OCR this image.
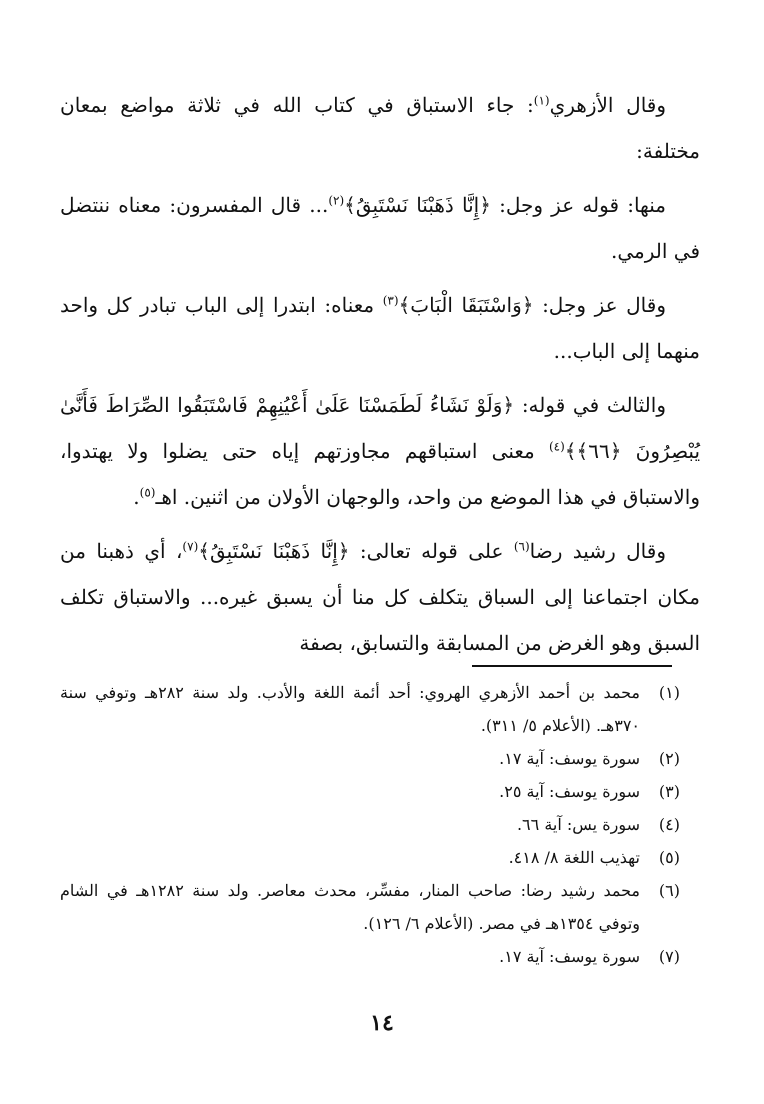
وقال الأزهري$^{(١)}$: جاء الاستباق في كتاب الله في ثلاثة مواضع بمعان مختلفة:

منها: قوله عز وجل: ﴿إِنَّا ذَهَبْنَا نَسْتَبِقُ﴾$^{(٢)}$... قال المفسرون: معناه ننتضل في الرمي.

وقال عز وجل: ﴿وَاسْتَبَقَا الْبَابَ﴾$^{(٣)}$ معناه: ابتدرا إلى الباب تبادر كل واحد منهما إلى الباب...

والثالث في قوله: ﴿وَلَوْ نَشَاءُ لَطَمَسْنَا عَلَىٰ أَعْيُنِهِمْ فَاسْتَبَقُوا الصِّرَاطَ فَأَنَّىٰ يُبْصِرُونَ ﴿٦٦﴾﴾$^{(٤)}$ معنى استباقهم مجاوزتهم إياه حتى يضلوا ولا يهتدوا، والاستباق في هذا الموضع من واحد، والوجهان الأولان من اثنين. اهـ$^{(٥)}$.

وقال رشيد رضا$^{(٦)}$ على قوله تعالى: ﴿إِنَّا ذَهَبْنَا نَسْتَبِقُ﴾$^{(٧)}$، أي ذهبنا من مكان اجتماعنا إلى السباق يتكلف كل منا أن يسبق غيره... والاستباق تكلف السبق وهو الغرض من المسابقة والتسابق، بصفة

(١)
محمد بن أحمد الأزهري الهروي: أحد أئمة اللغة والأدب. ولد سنة ٢٨٢هـ وتوفي سنة ٣٧٠هـ. (الأعلام ٥/ ٣١١).
(٢)
سورة يوسف: آية ١٧.
(٣)
سورة يوسف: آية ٢٥.
(٤)
سورة يس: آية ٦٦.
(٥)
تهذيب اللغة ٨/ ٤١٨.
(٦)
محمد رشيد رضا: صاحب المنار، مفسِّر، محدث معاصر. ولد سنة ١٢٨٢هـ في الشام وتوفي ١٣٥٤هـ في مصر. (الأعلام ٦/ ١٢٦).
(٧)
سورة يوسف: آية ١٧.
١٤
